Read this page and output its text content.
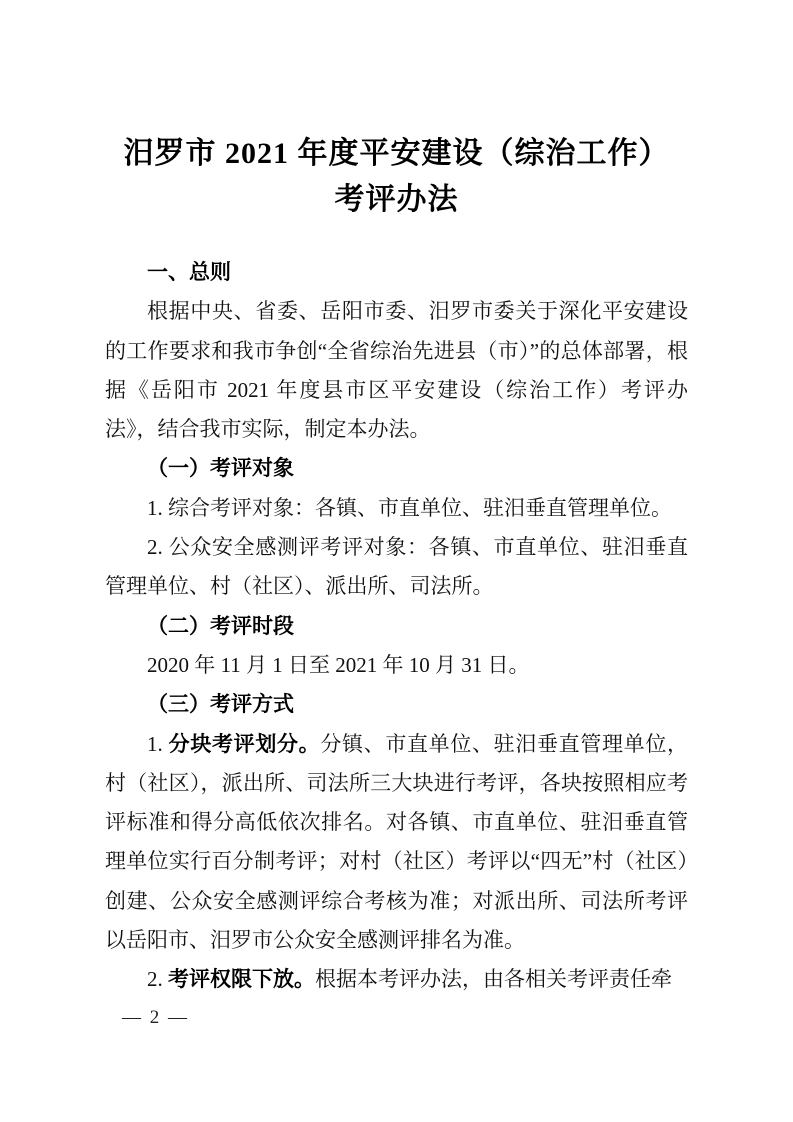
汨罗市 2021 年度平安建设（综治工作）
考评办法

一、总则

根据中央、省委、岳阳市委、汨罗市委关于深化平安建设的工作要求和我市争创“全省综治先进县（市）”的总体部署，根据《岳阳市 2021 年度县市区平安建设（综治工作）考评办法》，结合我市实际，制定本办法。

（一）考评对象

1. 综合考评对象：各镇、市直单位、驻汨垂直管理单位。

2. 公众安全感测评考评对象：各镇、市直单位、驻汨垂直管理单位、村（社区）、派出所、司法所。

（二）考评时段

2020 年 11 月 1 日至 2021 年 10 月 31 日。

（三）考评方式

1. 分块考评划分。分镇、市直单位、驻汨垂直管理单位，村（社区），派出所、司法所三大块进行考评，各块按照相应考评标准和得分高低依次排名。对各镇、市直单位、驻汨垂直管理单位实行百分制考评；对村（社区）考评以“四无”村（社区）创建、公众安全感测评综合考核为准；对派出所、司法所考评以岳阳市、汨罗市公众安全感测评排名为准。

2. 考评权限下放。根据本考评办法，由各相关考评责任牵

— 2 —
